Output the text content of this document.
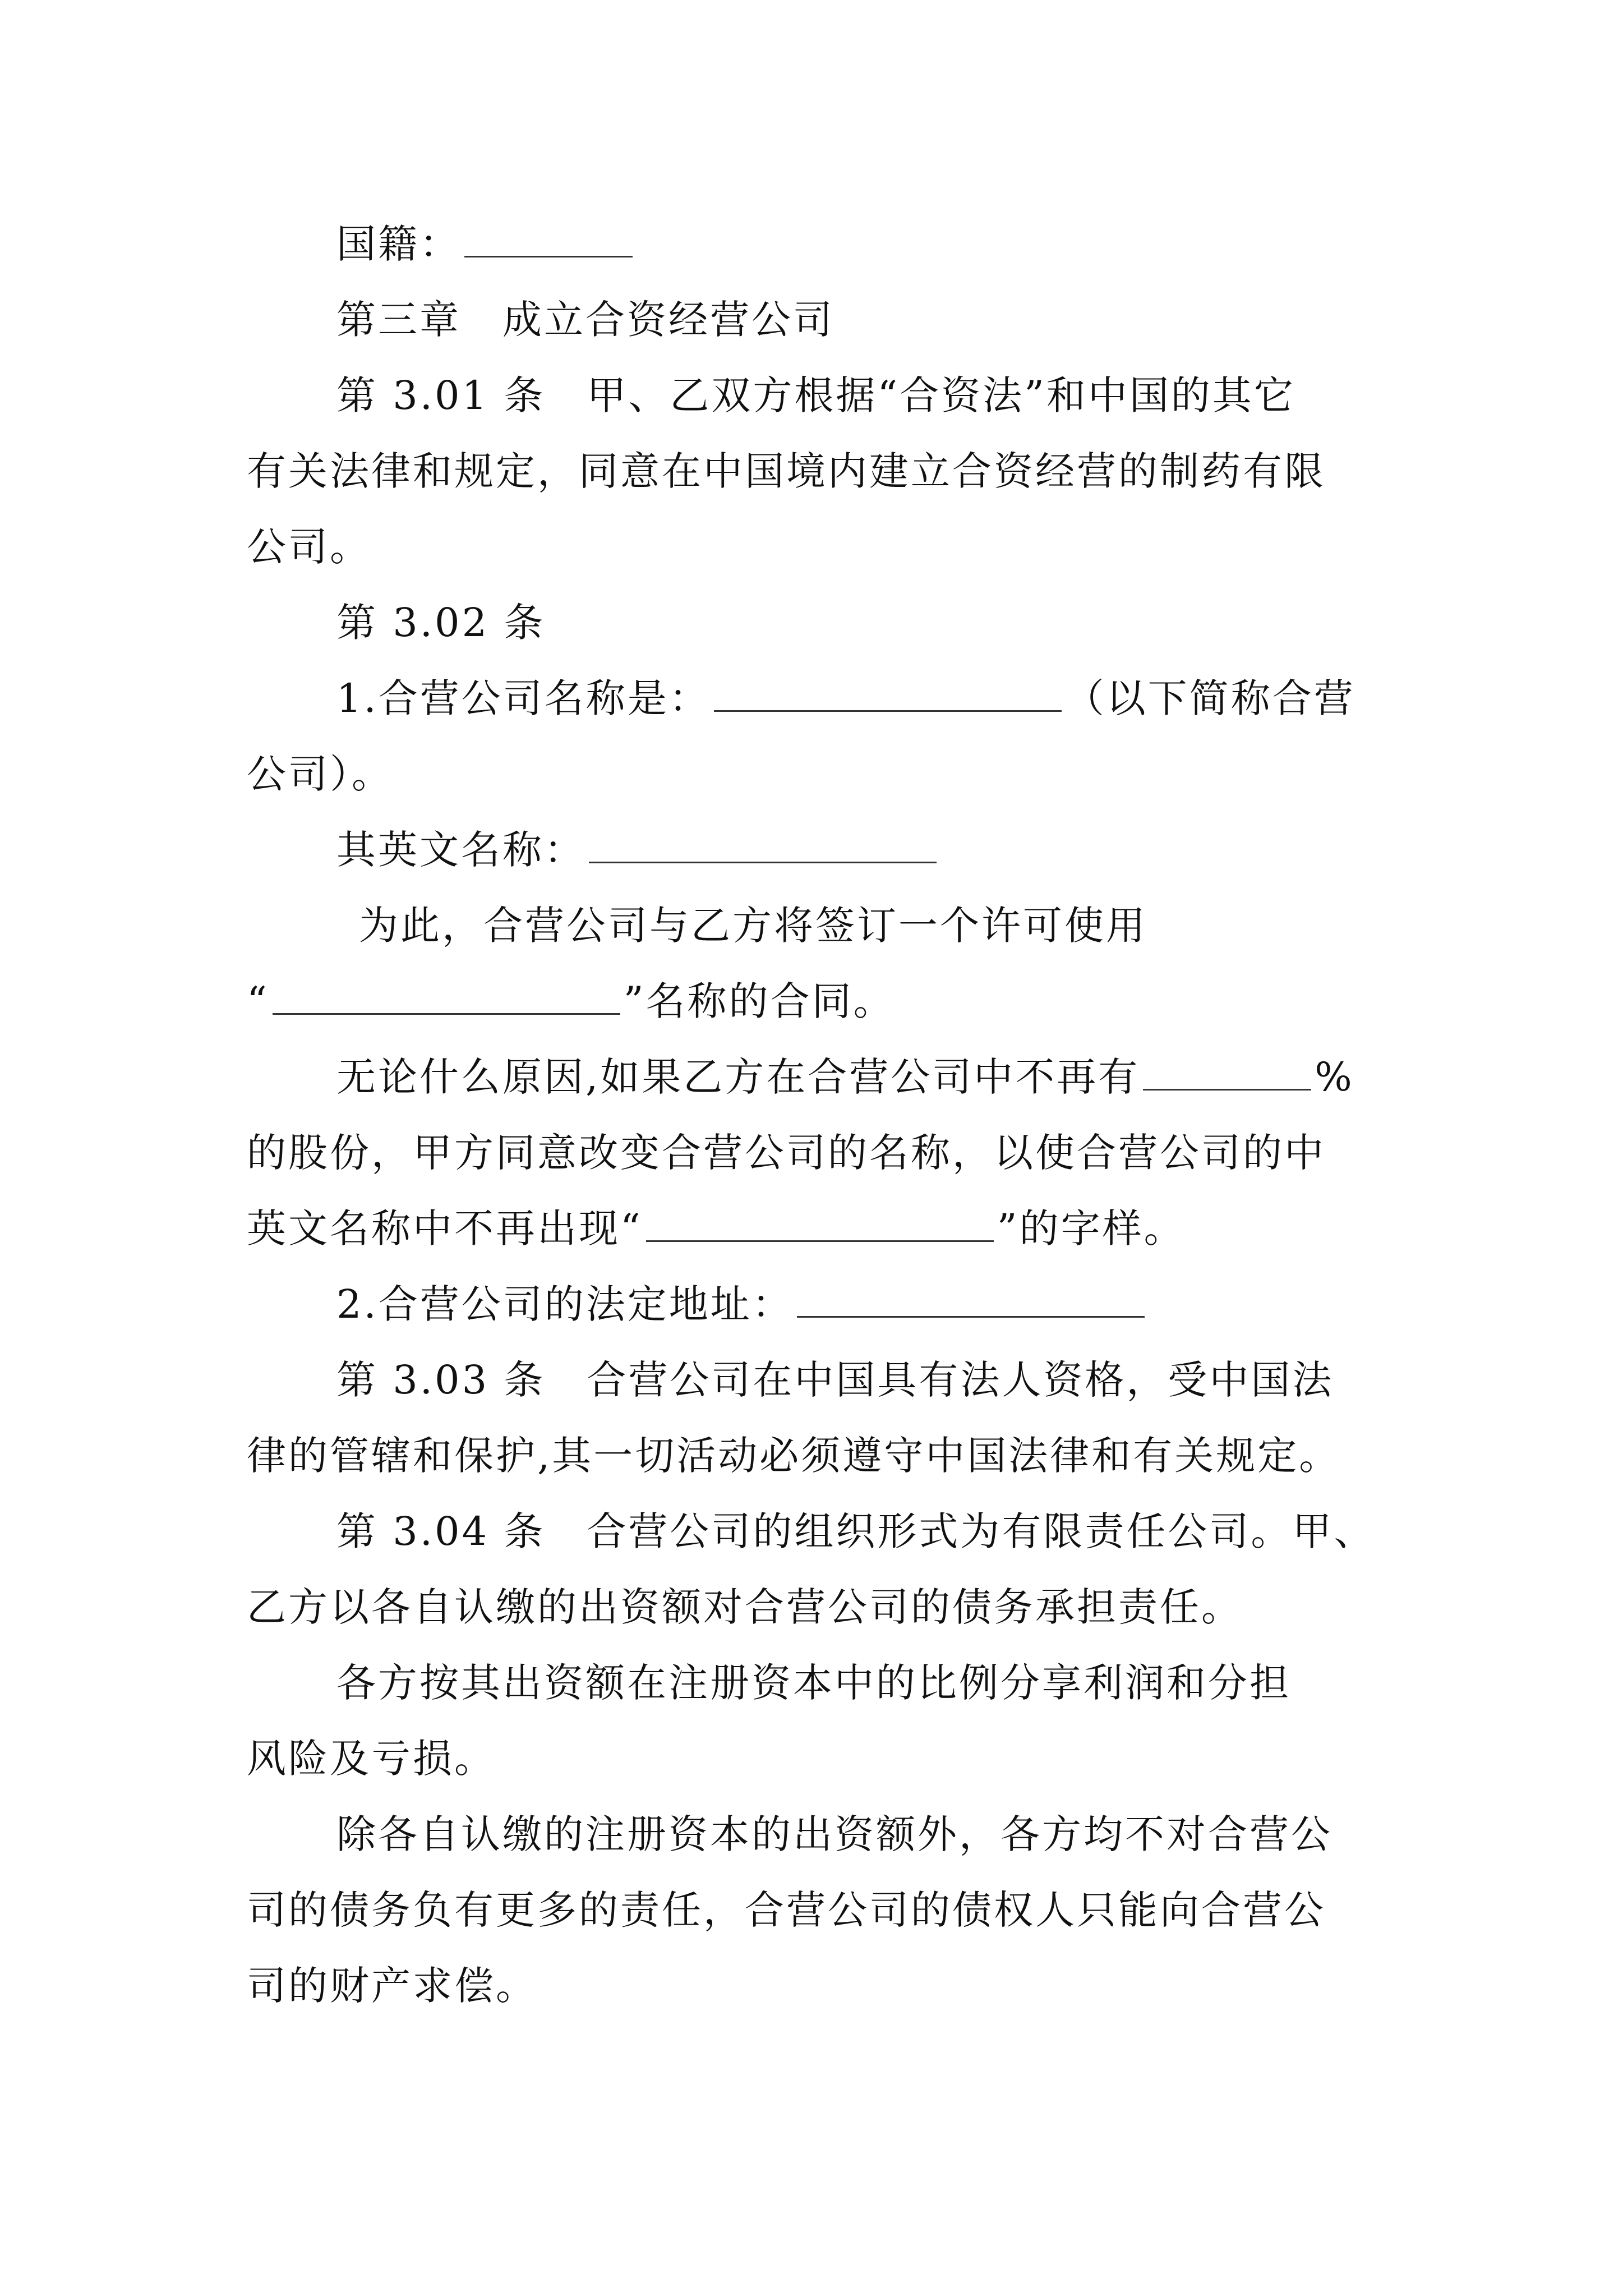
国籍：

第三章　成立合资经营公司

第 3.01 条　甲、乙双方根据“合资法”和中国的其它

有关法律和规定，同意在中国境内建立合资经营的制药有限

公司。

第 3.02 条

1.合营公司名称是：	（以下简称合营

公司）。

其英文名称：

为此，合营公司与乙方将签订一个许可使用

“	”名称的合同。

无论什么原因,如果乙方在合营公司中不再有	%

的股份，甲方同意改变合营公司的名称，以使合营公司的中

英文名称中不再出现“	”的字样。

2.合营公司的法定地址：

第 3.03 条　合营公司在中国具有法人资格，受中国法

律的管辖和保护,其一切活动必须遵守中国法律和有关规定。

第 3.04 条　合营公司的组织形式为有限责任公司。甲、

乙方以各自认缴的出资额对合营公司的债务承担责任。

各方按其出资额在注册资本中的比例分享利润和分担

风险及亏损。

除各自认缴的注册资本的出资额外，各方均不对合营公

司的债务负有更多的责任，合营公司的债权人只能向合营公

司的财产求偿。
